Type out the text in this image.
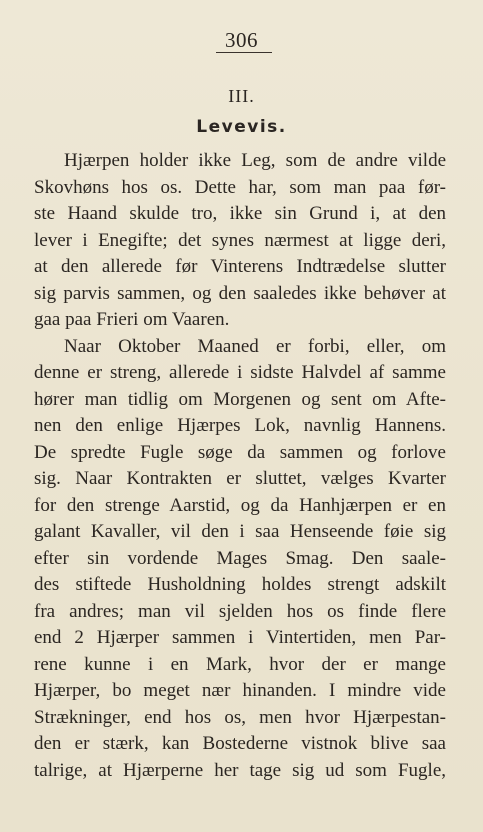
306
III.
Levevis.
Hjærpen holder ikke Leg, som de andre vilde
Skovhøns hos os. Dette har, som man paa før-
ste Haand skulde tro, ikke sin Grund i, at den
lever i Enegifte; det synes nærmest at ligge deri,
at den allerede før Vinterens Indtrædelse slutter
sig parvis sammen, og den saaledes ikke behøver at
gaa paa Frieri om Vaaren.
Naar Oktober Maaned er forbi, eller, om
denne er streng, allerede i sidste Halvdel af samme
hører man tidlig om Morgenen og sent om Afte-
nen den enlige Hjærpes Lok, navnlig Hannens.
De spredte Fugle søge da sammen og forlove
sig. Naar Kontrakten er sluttet, vælges Kvarter
for den strenge Aarstid, og da Hanhjærpen er en
galant Kavaller, vil den i saa Henseende føie sig
efter sin vordende Mages Smag. Den saale-
des stiftede Husholdning holdes strengt adskilt
fra andres; man vil sjelden hos os finde flere
end 2 Hjærper sammen i Vintertiden, men Par-
rene kunne i en Mark, hvor der er mange
Hjærper, bo meget nær hinanden. I mindre vide
Strækninger, end hos os, men hvor Hjærpestan-
den er stærk, kan Bostederne vistnok blive saa
talrige, at Hjærperne her tage sig ud som Fugle,
